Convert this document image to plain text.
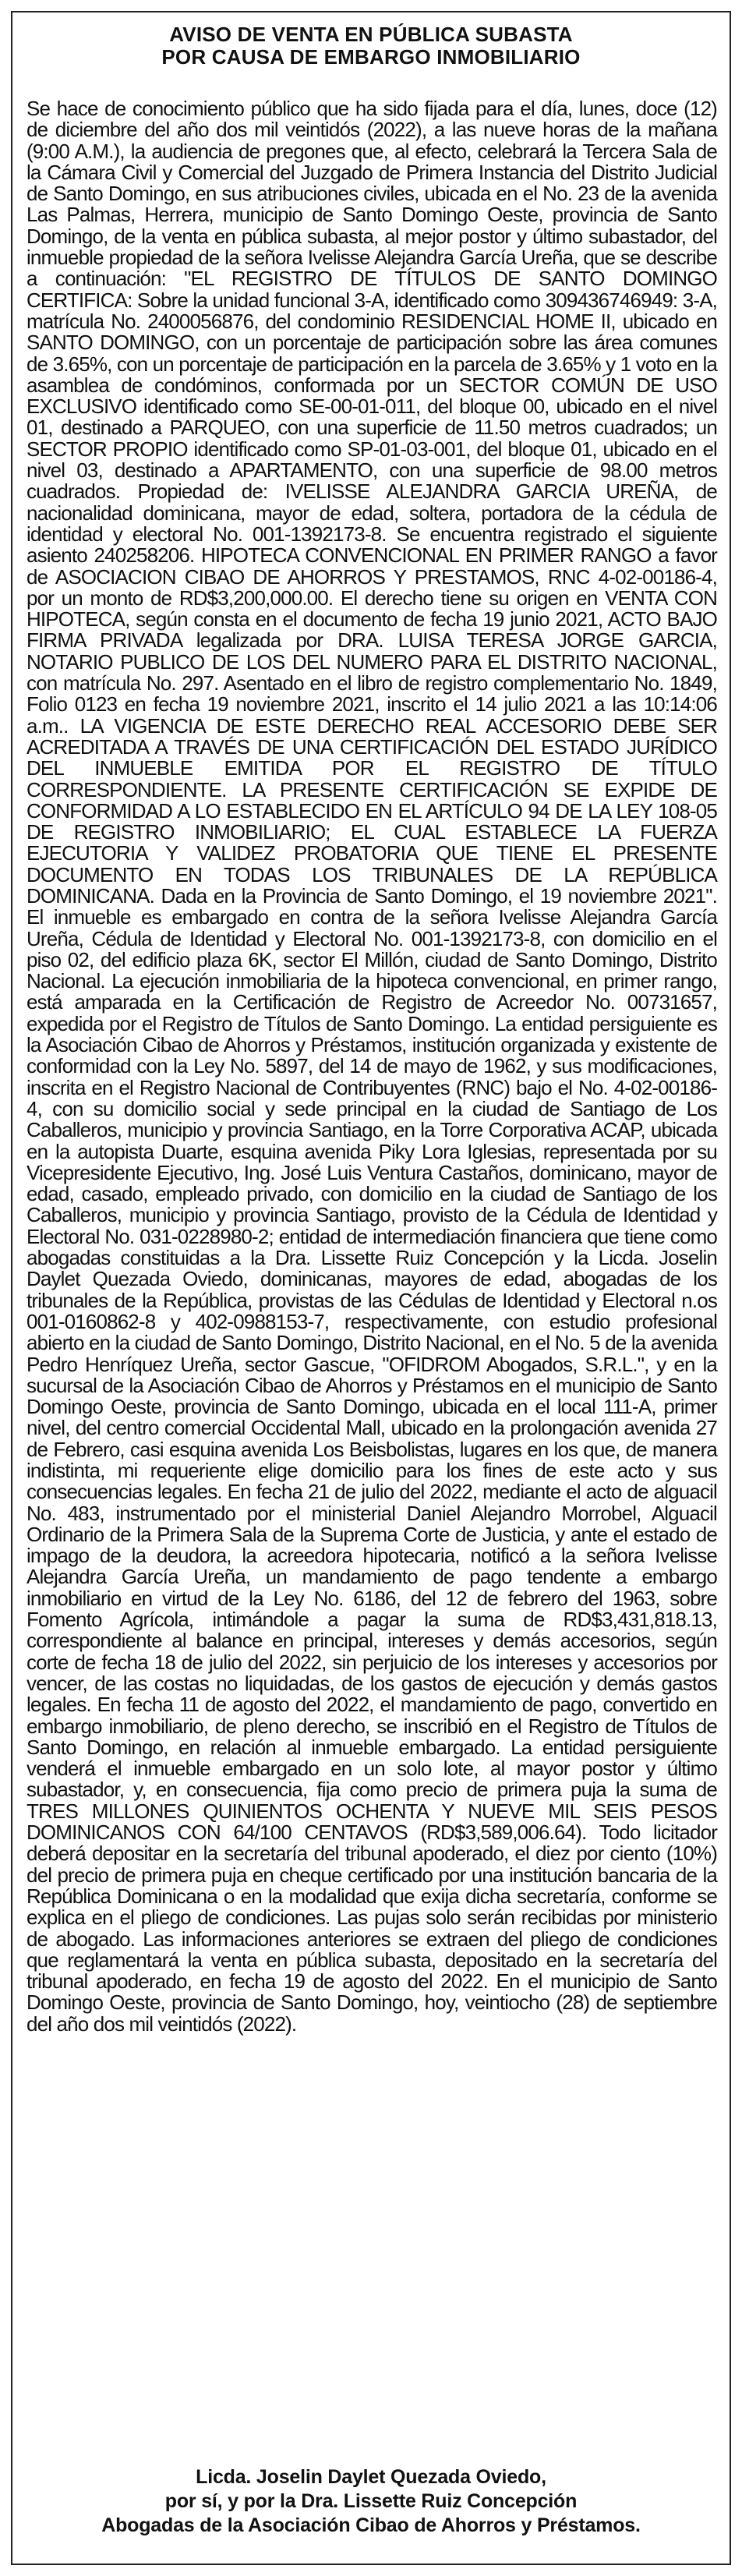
AVISO DE VENTA EN PÚBLICA SUBASTA
POR CAUSA DE EMBARGO INMOBILIARIO

Se hace de conocimiento público que ha sido fijada para el día, lunes, doce (12) de diciembre del año dos mil veintidós (2022), a las nueve horas de la mañana (9:00 A.M.), la audiencia de pregones que, al efecto, celebrará la Tercera Sala de la Cámara Civil y Comercial del Juzgado de Primera Instancia del Distrito Judicial de Santo Domingo, en sus atribuciones civiles, ubicada en el No. 23 de la avenida Las Palmas, Herrera, municipio de Santo Domingo Oeste, provincia de Santo Domingo, de la venta en pública subasta, al mejor postor y último subastador, del inmueble propiedad de la señora Ivelisse Alejandra García Ureña, que se describe a continuación: "EL REGISTRO DE TÍTULOS DE SANTO DOMINGO CERTIFICA: Sobre la unidad funcional 3-A, identificado como 309436746949: 3-A, matrícula No. 2400056876, del condominio RESIDENCIAL HOME II, ubicado en SANTO DOMINGO, con un porcentaje de participación sobre las área comunes de 3.65%, con un porcentaje de participación en la parcela de 3.65% y 1 voto en la asamblea de condóminos, conformada por un SECTOR COMÚN DE USO EXCLUSIVO identificado como SE-00-01-011, del bloque 00, ubicado en el nivel 01, destinado a PARQUEO, con una superficie de 11.50 metros cuadrados; un SECTOR PROPIO identificado como SP-01-03-001, del bloque 01, ubicado en el nivel 03, destinado a APARTAMENTO, con una superficie de 98.00 metros cuadrados. Propiedad de: IVELISSE ALEJANDRA GARCIA UREÑA, de nacionalidad dominicana, mayor de edad, soltera, portadora de la cédula de identidad y electoral No. 001-1392173-8. Se encuentra registrado el siguiente asiento 240258206. HIPOTECA CONVENCIONAL EN PRIMER RANGO a favor de ASOCIACION CIBAO DE AHORROS Y PRESTAMOS, RNC 4-02-00186-4, por un monto de RD$3,200,000.00. El derecho tiene su origen en VENTA CON HIPOTECA, según consta en el documento de fecha 19 junio 2021, ACTO BAJO FIRMA PRIVADA legalizada por DRA. LUISA TERESA JORGE GARCIA, NOTARIO PUBLICO DE LOS DEL NUMERO PARA EL DISTRITO NACIONAL, con matrícula No. 297. Asentado en el libro de registro complementario No. 1849, Folio 0123 en fecha 19 noviembre 2021, inscrito el 14 julio 2021 a las 10:14:06 a.m.. LA VIGENCIA DE ESTE DERECHO REAL ACCESORIO DEBE SER ACREDITADA A TRAVÉS DE UNA CERTIFICACIÓN DEL ESTADO JURÍDICO DEL INMUEBLE EMITIDA POR EL REGISTRO DE TÍTULO CORRESPONDIENTE. LA PRESENTE CERTIFICACIÓN SE EXPIDE DE CONFORMIDAD A LO ESTABLECIDO EN EL ARTÍCULO 94 DE LA LEY 108-05 DE REGISTRO INMOBILIARIO; EL CUAL ESTABLECE LA FUERZA EJECUTORIA Y VALIDEZ PROBATORIA QUE TIENE EL PRESENTE DOCUMENTO EN TODAS LOS TRIBUNALES DE LA REPÚBLICA DOMINICANA. Dada en la Provincia de Santo Domingo, el 19 noviembre 2021". El inmueble es embargado en contra de la señora Ivelisse Alejandra García Ureña, Cédula de Identidad y Electoral No. 001-1392173-8, con domicilio en el piso 02, del edificio plaza 6K, sector El Millón, ciudad de Santo Domingo, Distrito Nacional. La ejecución inmobiliaria de la hipoteca convencional, en primer rango, está amparada en la Certificación de Registro de Acreedor No. 00731657, expedida por el Registro de Títulos de Santo Domingo. La entidad persiguiente es la Asociación Cibao de Ahorros y Préstamos, institución organizada y existente de conformidad con la Ley No. 5897, del 14 de mayo de 1962, y sus modificaciones, inscrita en el Registro Nacional de Contribuyentes (RNC) bajo el No. 4-02-00186-4, con su domicilio social y sede principal en la ciudad de Santiago de Los Caballeros, municipio y provincia Santiago, en la Torre Corporativa ACAP, ubicada en la autopista Duarte, esquina avenida Piky Lora Iglesias, representada por su Vicepresidente Ejecutivo, Ing. José Luis Ventura Castaños, dominicano, mayor de edad, casado, empleado privado, con domicilio en la ciudad de Santiago de los Caballeros, municipio y provincia Santiago, provisto de la Cédula de Identidad y Electoral No. 031-0228980-2; entidad de intermediación financiera que tiene como abogadas constituidas a la Dra. Lissette Ruiz Concepción y la Licda. Joselin Daylet Quezada Oviedo, dominicanas, mayores de edad, abogadas de los tribunales de la República, provistas de las Cédulas de Identidad y Electoral n.os 001-0160862-8 y 402-0988153-7, respectivamente, con estudio profesional abierto en la ciudad de Santo Domingo, Distrito Nacional, en el No. 5 de la avenida Pedro Henríquez Ureña, sector Gascue, "OFIDROM Abogados, S.R.L.", y en la sucursal de la Asociación Cibao de Ahorros y Préstamos en el municipio de Santo Domingo Oeste, provincia de Santo Domingo, ubicada en el local 111-A, primer nivel, del centro comercial Occidental Mall, ubicado en la prolongación avenida 27 de Febrero, casi esquina avenida Los Beisbolistas, lugares en los que, de manera indistinta, mi requeriente elige domicilio para los fines de este acto y sus consecuencias legales. En fecha 21 de julio del 2022, mediante el acto de alguacil No. 483, instrumentado por el ministerial Daniel Alejandro Morrobel, Alguacil Ordinario de la Primera Sala de la Suprema Corte de Justicia, y ante el estado de impago de la deudora, la acreedora hipotecaria, notificó a la señora Ivelisse Alejandra García Ureña, un mandamiento de pago tendente a embargo inmobiliario en virtud de la Ley No. 6186, del 12 de febrero del 1963, sobre Fomento Agrícola, intimándole a pagar la suma de RD$3,431,818.13, correspondiente al balance en principal, intereses y demás accesorios, según corte de fecha 18 de julio del 2022, sin perjuicio de los intereses y accesorios por vencer, de las costas no liquidadas, de los gastos de ejecución y demás gastos legales. En fecha 11 de agosto del 2022, el mandamiento de pago, convertido en embargo inmobiliario, de pleno derecho, se inscribió en el Registro de Títulos de Santo Domingo, en relación al inmueble embargado. La entidad persiguiente venderá el inmueble embargado en un solo lote, al mayor postor y último subastador, y, en consecuencia, fija como precio de primera puja la suma de TRES MILLONES QUINIENTOS OCHENTA Y NUEVE MIL SEIS PESOS DOMINICANOS CON 64/100 CENTAVOS (RD$3,589,006.64). Todo licitador deberá depositar en la secretaría del tribunal apoderado, el diez por ciento (10%) del precio de primera puja en cheque certificado por una institución bancaria de la República Dominicana o en la modalidad que exija dicha secretaría, conforme se explica en el pliego de condiciones. Las pujas solo serán recibidas por ministerio de abogado. Las informaciones anteriores se extraen del pliego de condiciones que reglamentará la venta en pública subasta, depositado en la secretaría del tribunal apoderado, en fecha 19 de agosto del 2022. En el municipio de Santo Domingo Oeste, provincia de Santo Domingo, hoy, veintiocho (28) de septiembre del año dos mil veintidós (2022).

Licda. Joselin Daylet Quezada Oviedo,
por sí, y por la Dra. Lissette Ruiz Concepción
Abogadas de la Asociación Cibao de Ahorros y Préstamos.
